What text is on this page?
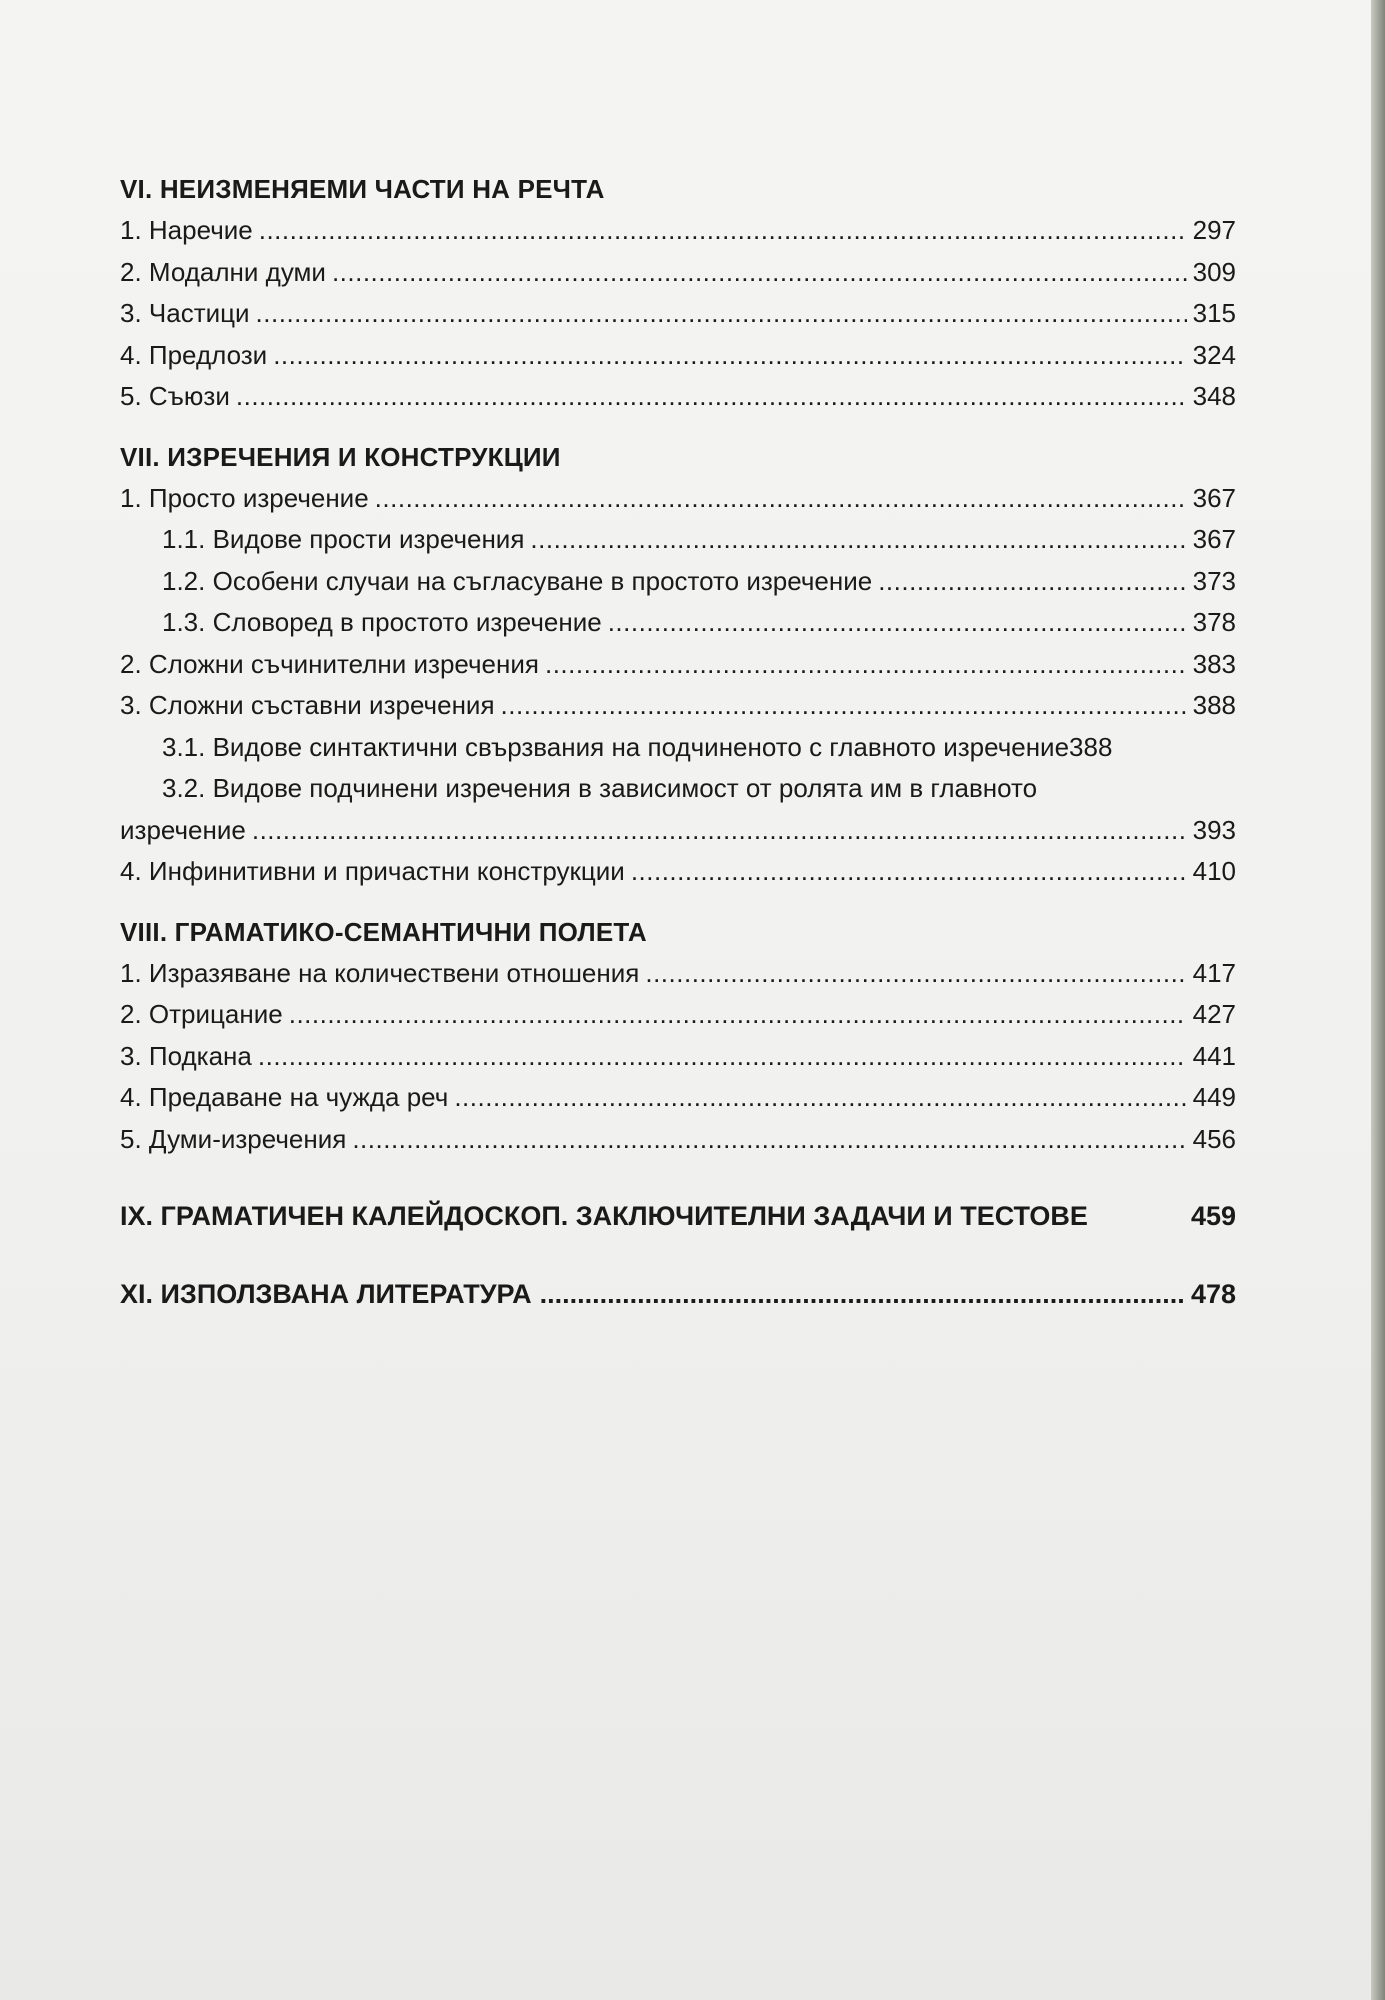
VI. НЕИЗМЕНЯЕМИ ЧАСТИ НА РЕЧТА
1. Наречие .....	297
2. Модални думи .....	309
3. Частици .....	315
4. Предлози .....	324
5. Съюзи .....	348
VII. ИЗРЕЧЕНИЯ И КОНСТРУКЦИИ
1. Просто изречение .....	367
1.1. Видове прости изречения .....	367
1.2. Особени случаи на съгласуване в простото изречение .....	373
1.3. Словоред в простото изречение .....	378
2. Сложни съчинителни изречения .....	383
3. Сложни съставни изречения .....	388
3.1. Видове синтактични свързвания на подчиненото с главното изречение 388
3.2. Видове подчинени изречения в зависимост от ролята им в главното
изречение .....	393
4. Инфинитивни и причастни конструкции .....	410
VIII. ГРАМАТИКО-СЕМАНТИЧНИ ПОЛЕТА
1. Изразяване на количествени отношения .....	417
2. Отрицание .....	427
3. Подкана .....	441
4. Предаване на чужда реч .....	449
5. Думи-изречения .....	456
IX. ГРАМАТИЧЕН КАЛЕЙДОСКОП. ЗАКЛЮЧИТЕЛНИ ЗАДАЧИ И ТЕСТОВЕ	459
XI. ИЗПОЛЗВАНА ЛИТЕРАТУРА .....	478
